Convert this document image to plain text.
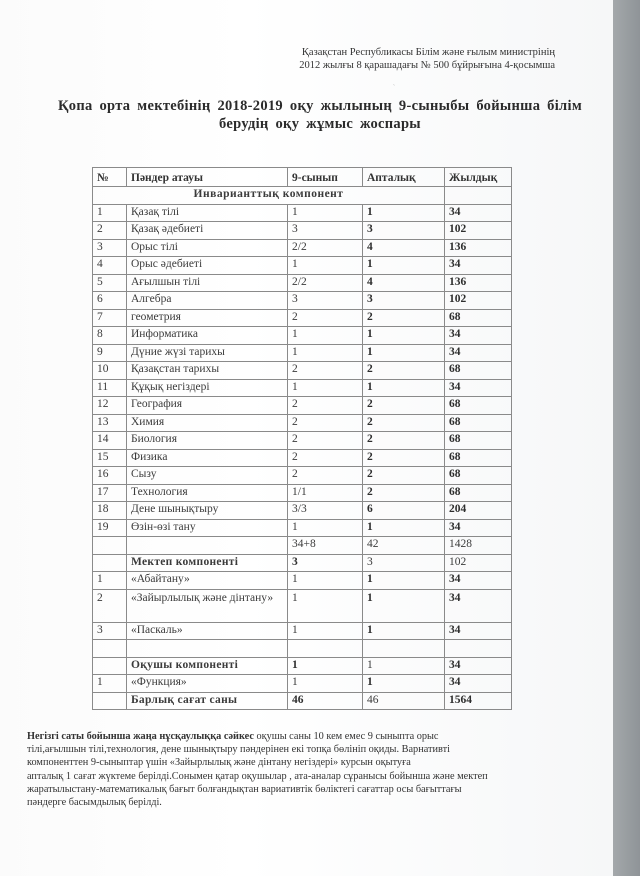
Қазақстан Республикасы Білім және ғылым министрінің
2012 жылғы 8 қарашадағы № 500 бұйрығына 4-қосымша
ˎ
Қопа орта мектебінің 2018-2019 оқу жылының 9-сыныбы бойынша білім
берудің оқу жұмыс жоспары
№	Пәндер атауы	9-сынып	Апталық	Жылдық
Инварианттық компонент				
1	Қазақ тілі	1	1	34
2	Қазақ әдебиеті	3	3	102
3	Орыс тілі	2/2	4	136
4	Орыс әдебиеті	1	1	34
5	Ағылшын тілі	2/2	4	136
6	Алгебра	3	3	102
7	геометрия	2	2	68
8	Информатика	1	1	34
9	Дүние жүзі тарихы	1	1	34
10	Қазақстан тарихы	2	2	68
11	Құқық негіздері	1	1	34
12	География	2	2	68
13	Химия	2	2	68
14	Биология	2	2	68
15	Физика	2	2	68
16	Сызу	2	2	68
17	Технология	1/1	2	68
18	Дене шынықтыру	3/3	6	204
19	Өзін-өзі тану	1	1	34
		34+8	42	1428
	Мектеп компоненті	3	3	102
1	«Абайтану»	1	1	34
2	«Зайырлылық және дінтану»	1	1	34
3	«Паскаль»	1	1	34

	Оқушы компоненті	1	1	34
1	«Функция»	1	1	34
	Барлық сағат саны	46	46	1564

Негізгі саты бойынша жаңа нұсқаулыққа сәйкес оқушы саны 10 кем емес 9 сыныпта орыс
тілі,ағылшын тілі,технология, дене шынықтыру пәндерінен екі топқа бөлініп оқиды. Варнативті
компоненттен 9-сыныптар үшін «Зайырлылық және дінтану негіздері» курсын оқытуға
апталық 1 сағат жүктеме берілді.Сонымен қатар оқушылар , ата-аналар сұранысы бойынша және мектеп
жаратылыстану-математикалық бағыт болғандықтан вариативтік бөліктегі сағаттар осы бағыттағы
пәндерге басымдылық берілді.
